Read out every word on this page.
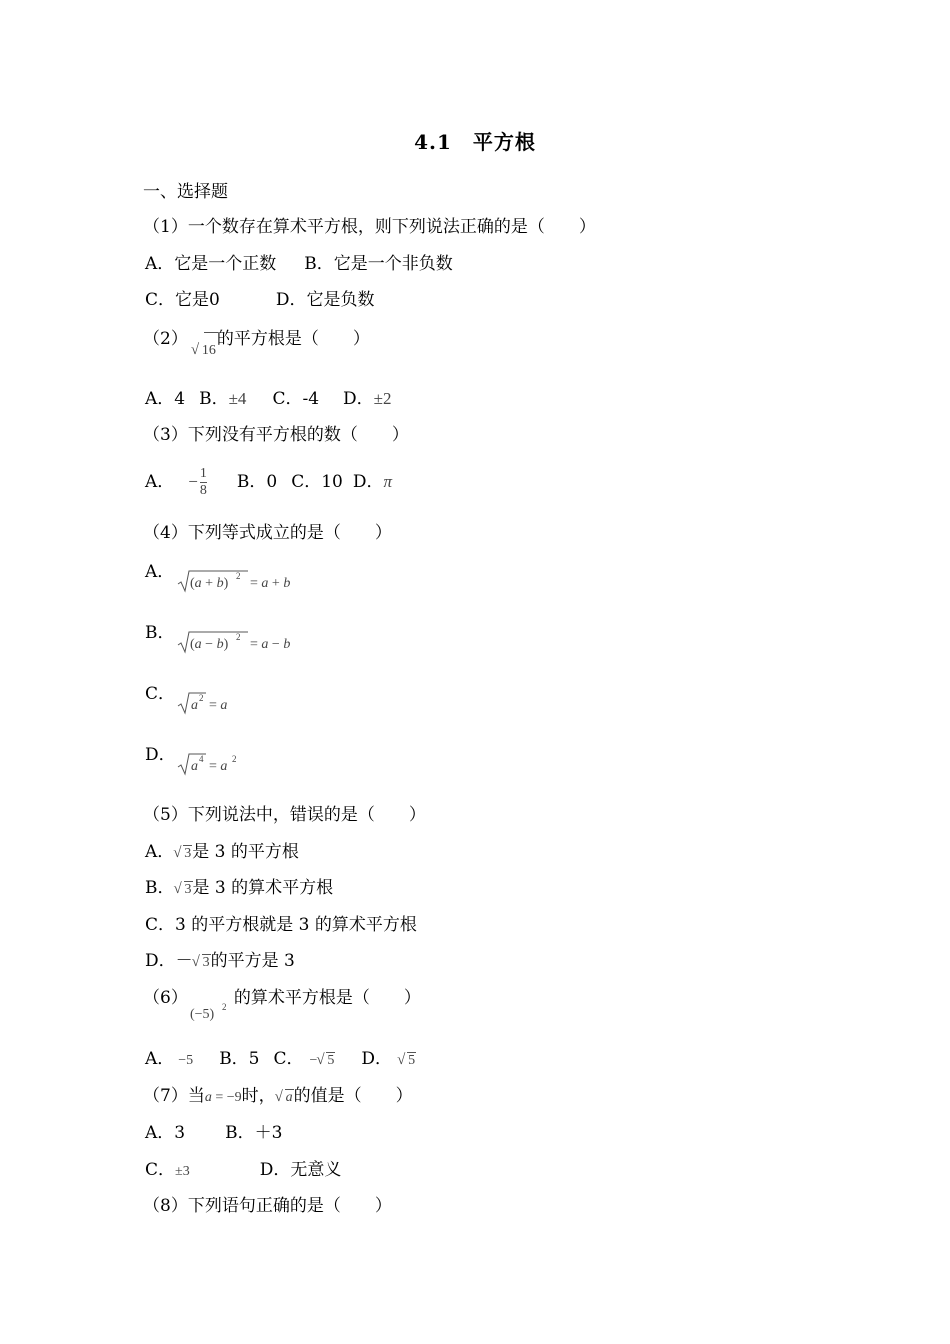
4.1　平方根
一、选择题
（1）一个数存在算术平方根，则下列说法正确的是（　　）
A．它是一个正数 B．它是一个非负数
C．它是0	D．它是负数
（2）√ 16
的平方根是（　　）
A．4 B．±4 C．-4 D．±2
（3）下列没有平方根的数（　　）
A． − $\frac{1}{8}$ B．0 C．10 D．π
（4）下列等式成立的是（　　）
A．
(a + b) 2 = a + b
B．
(a − b) 2 = a − b
C．
a 2 = a
D．
a 4 = a 2
（5）下列说法中，错误的是（　　）
A． √ 3是 3 的平方根
B． √ 3是 3 的算术平方根
C．3 的平方根就是 3 的算术平方根
D．－ √ 3的平方是 3
（6）
(−5) 2 的算术平方根是（　　）
A． −5 B．5 C． − √ 5 D． √ 5
（7）当a = −9时， √ a的值是（　　）
A．3 B．＋3
C．±3	D．无意义
（8）下列语句正确的是（　　）
